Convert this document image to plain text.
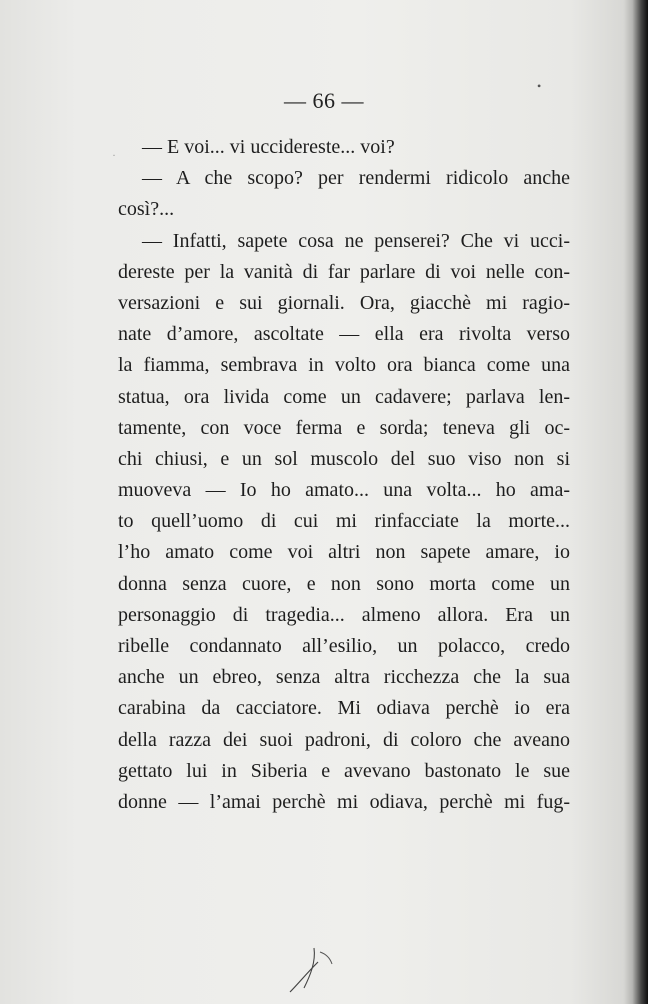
— 66 —
— E voi... vi uccidereste... voi?
— A che scopo? per rendermi ridicolo anche
così?...
— Infatti, sapete cosa ne penserei? Che vi ucci-
dereste per la vanità di far parlare di voi nelle con-
versazioni e sui giornali. Ora, giacchè mi ragio-
nate d’amore, ascoltate — ella era rivolta verso
la fiamma, sembrava in volto ora bianca come una
statua, ora livida come un cadavere; parlava len-
tamente, con voce ferma e sorda; teneva gli oc-
chi chiusi, e un sol muscolo del suo viso non si
muoveva — Io ho amato... una volta... ho ama-
to quell’uomo di cui mi rinfacciate la morte...
l’ho amato come voi altri non sapete amare, io
donna senza cuore, e non sono morta come un
personaggio di tragedia... almeno allora. Era un
ribelle condannato all’esilio, un polacco, credo
anche un ebreo, senza altra ricchezza che la sua
carabina da cacciatore. Mi odiava perchè io era
della razza dei suoi padroni, di coloro che aveano
gettato lui in Siberia e avevano bastonato le sue
donne — l’amai perchè mi odiava, perchè mi fug-
•
·
